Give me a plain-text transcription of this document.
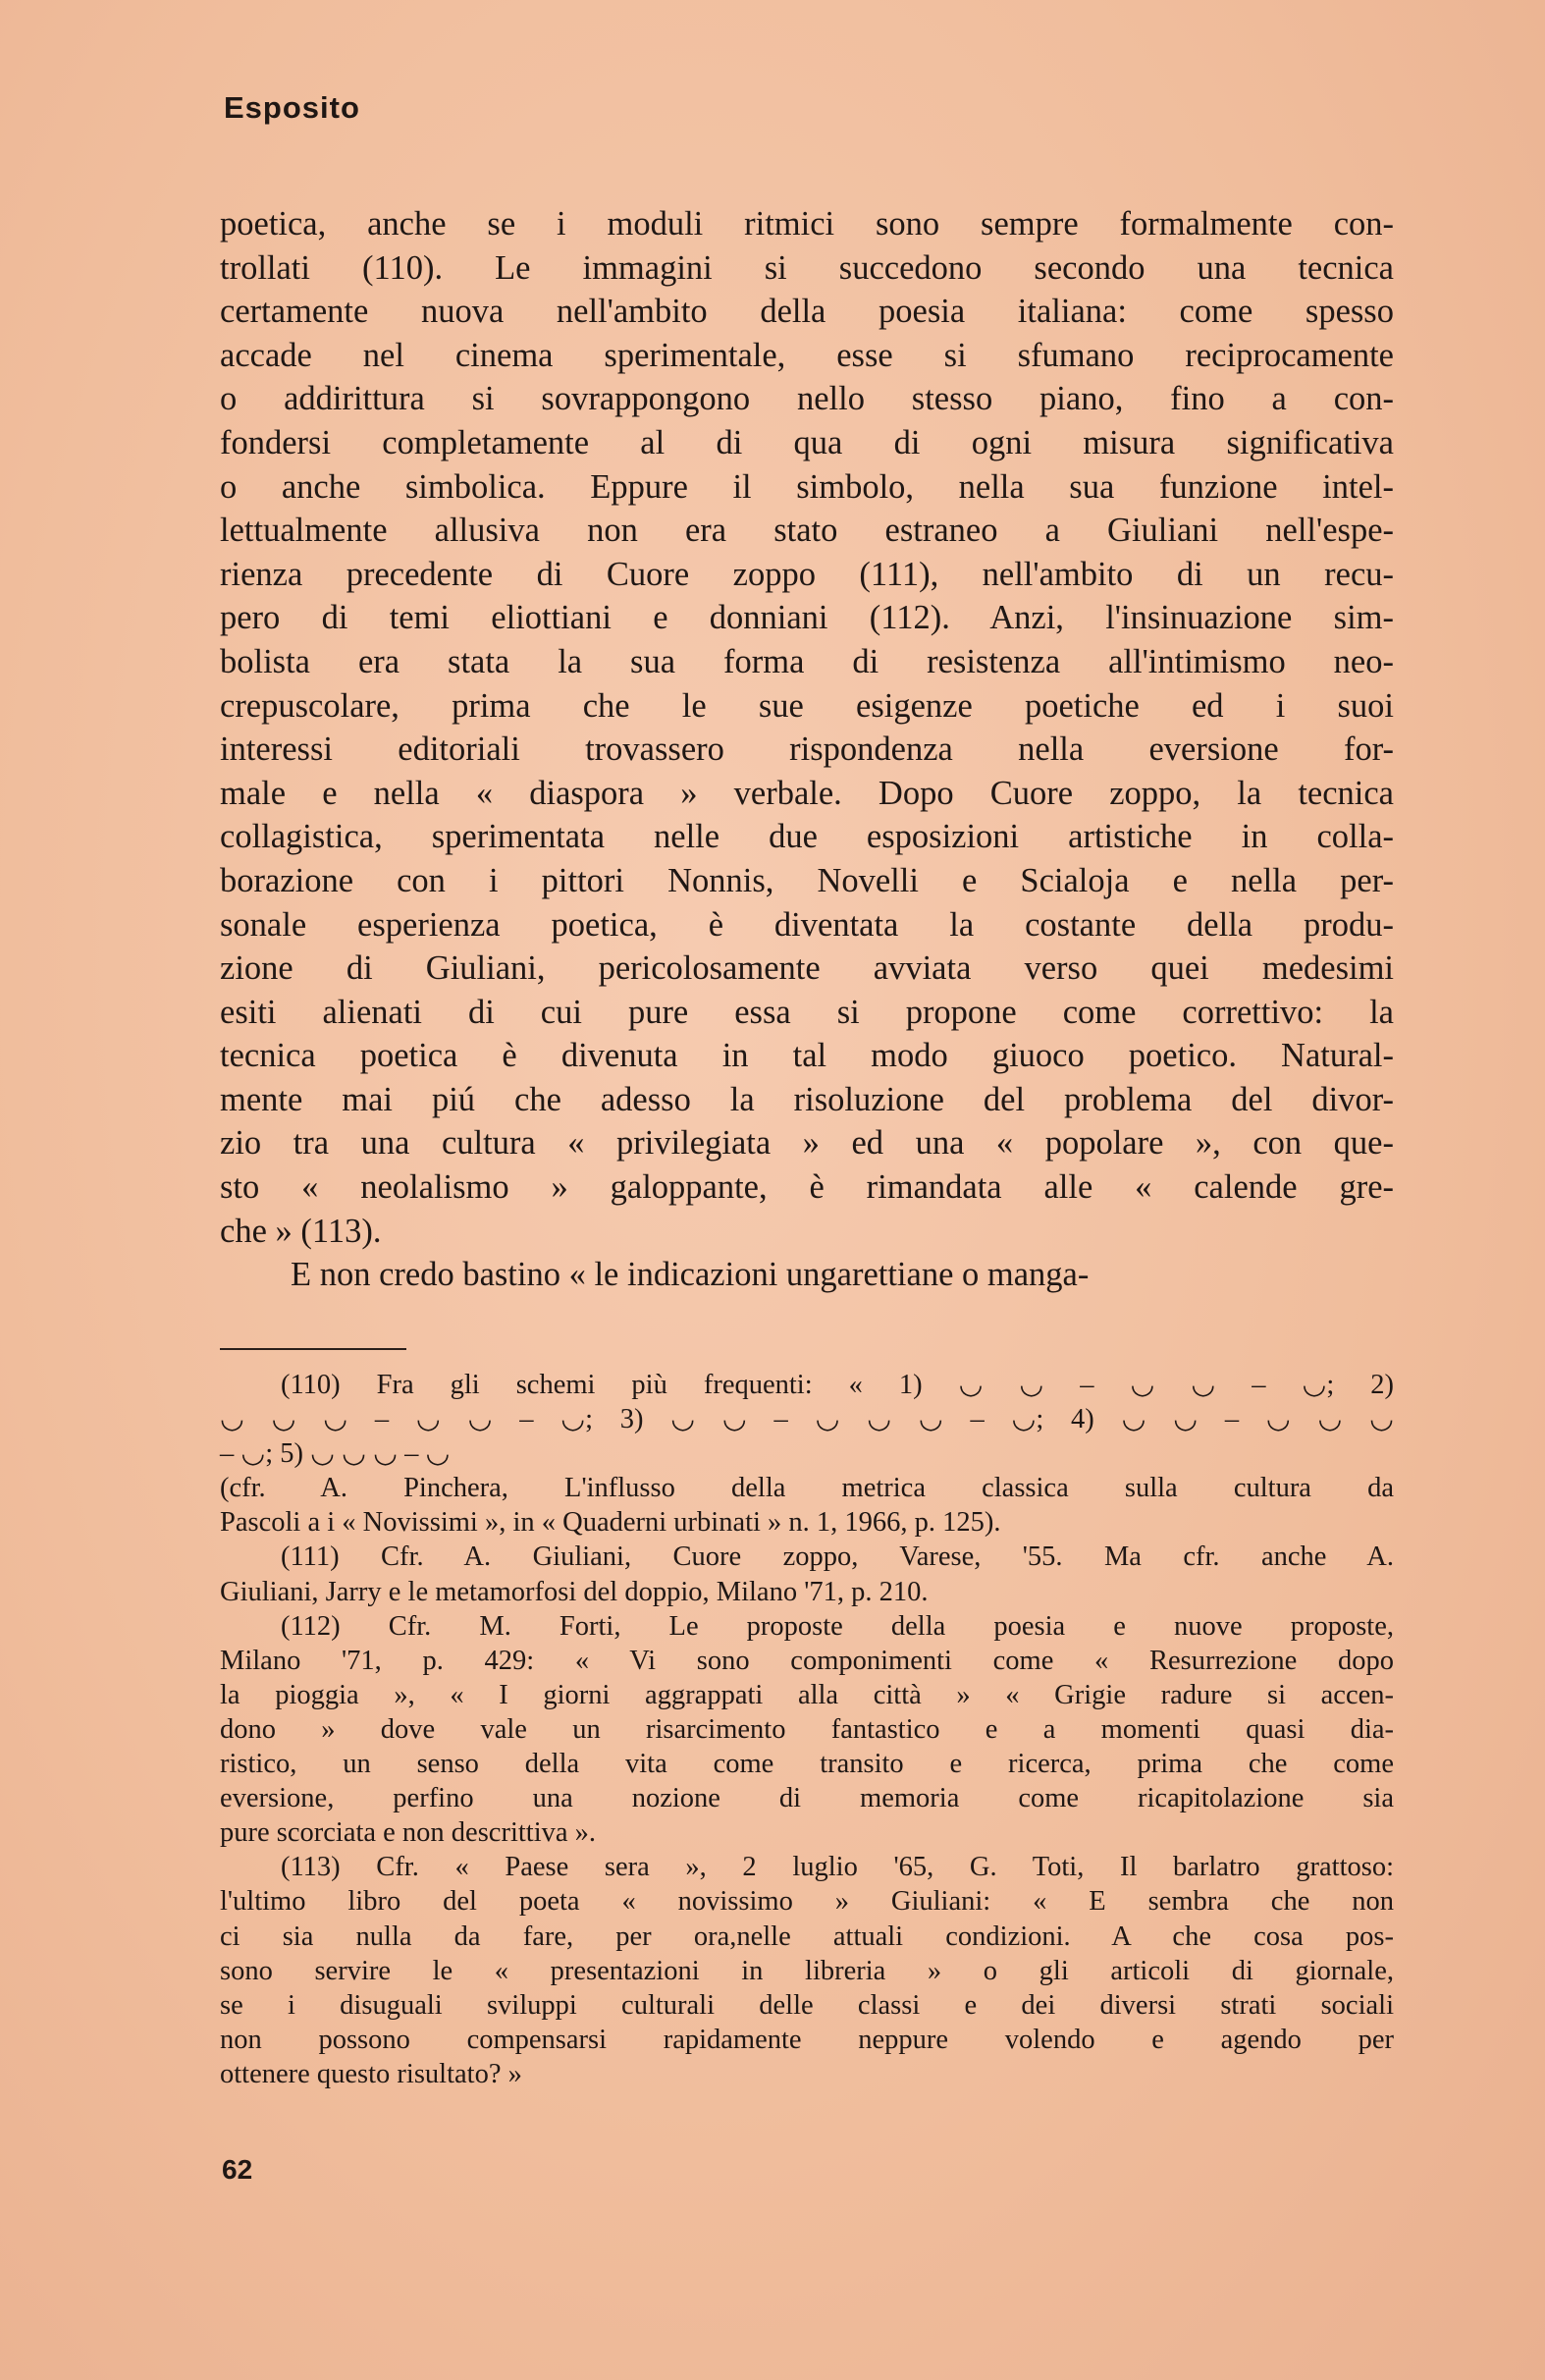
Esposito
poetica, anche se i moduli ritmici sono sempre formalmente con-
trollati (110). Le immagini si succedono secondo una tecnica
certamente nuova nell'ambito della poesia italiana: come spesso
accade nel cinema sperimentale, esse si sfumano reciprocamente
o addirittura si sovrappongono nello stesso piano, fino a con-
fondersi completamente al di qua di ogni misura significativa
o anche simbolica. Eppure il simbolo, nella sua funzione intel-
lettualmente allusiva non era stato estraneo a Giuliani nell'espe-
rienza precedente di Cuore zoppo (111), nell'ambito di un recu-
pero di temi eliottiani e donniani (112). Anzi, l'insinuazione sim-
bolista era stata la sua forma di resistenza all'intimismo neo-
crepuscolare, prima che le sue esigenze poetiche ed i suoi
interessi editoriali trovassero rispondenza nella eversione for-
male e nella « diaspora » verbale. Dopo Cuore zoppo, la tecnica
collagistica, sperimentata nelle due esposizioni artistiche in colla-
borazione con i pittori Nonnis, Novelli e Scialoja e nella per-
sonale esperienza poetica, è diventata la costante della produ-
zione di Giuliani, pericolosamente avviata verso quei medesimi
esiti alienati di cui pure essa si propone come correttivo: la
tecnica poetica è divenuta in tal modo giuoco poetico. Natural-
mente mai piú che adesso la risoluzione del problema del divor-
zio tra una cultura « privilegiata » ed una « popolare », con que-
sto « neolalismo » galoppante, è rimandata alle « calende gre-
che » (113).
E non credo bastino « le indicazioni ungarettiane o manga-
(110) Fra gli schemi più frequenti: « 1) ◡ ◡ – ◡ ◡ – ◡; 2)
◡ ◡ ◡ – ◡ ◡ – ◡; 3) ◡ ◡ – ◡ ◡ ◡ – ◡; 4) ◡ ◡ – ◡ ◡ ◡
– ◡; 5) ◡ ◡ ◡ – ◡
(cfr. A. Pinchera, L'influsso della metrica classica sulla cultura da
Pascoli a i « Novissimi », in « Quaderni urbinati » n. 1, 1966, p. 125).
(111) Cfr. A. Giuliani, Cuore zoppo, Varese, '55. Ma cfr. anche A.
Giuliani, Jarry e le metamorfosi del doppio, Milano '71, p. 210.
(112) Cfr. M. Forti, Le proposte della poesia e nuove proposte,
Milano '71, p. 429: « Vi sono componimenti come « Resurrezione dopo
la pioggia », « I giorni aggrappati alla città » « Grigie radure si accen-
dono » dove vale un risarcimento fantastico e a momenti quasi dia-
ristico, un senso della vita come transito e ricerca, prima che come
eversione, perfino una nozione di memoria come ricapitolazione sia
pure scorciata e non descrittiva ».
(113) Cfr. « Paese sera », 2 luglio '65, G. Toti, Il barlatro grattoso:
l'ultimo libro del poeta « novissimo » Giuliani: « E sembra che non
ci sia nulla da fare, per ora,nelle attuali condizioni. A che cosa pos-
sono servire le « presentazioni in libreria » o gli articoli di giornale,
se i disuguali sviluppi culturali delle classi e dei diversi strati sociali
non possono compensarsi rapidamente neppure volendo e agendo per
ottenere questo risultato? »
62
